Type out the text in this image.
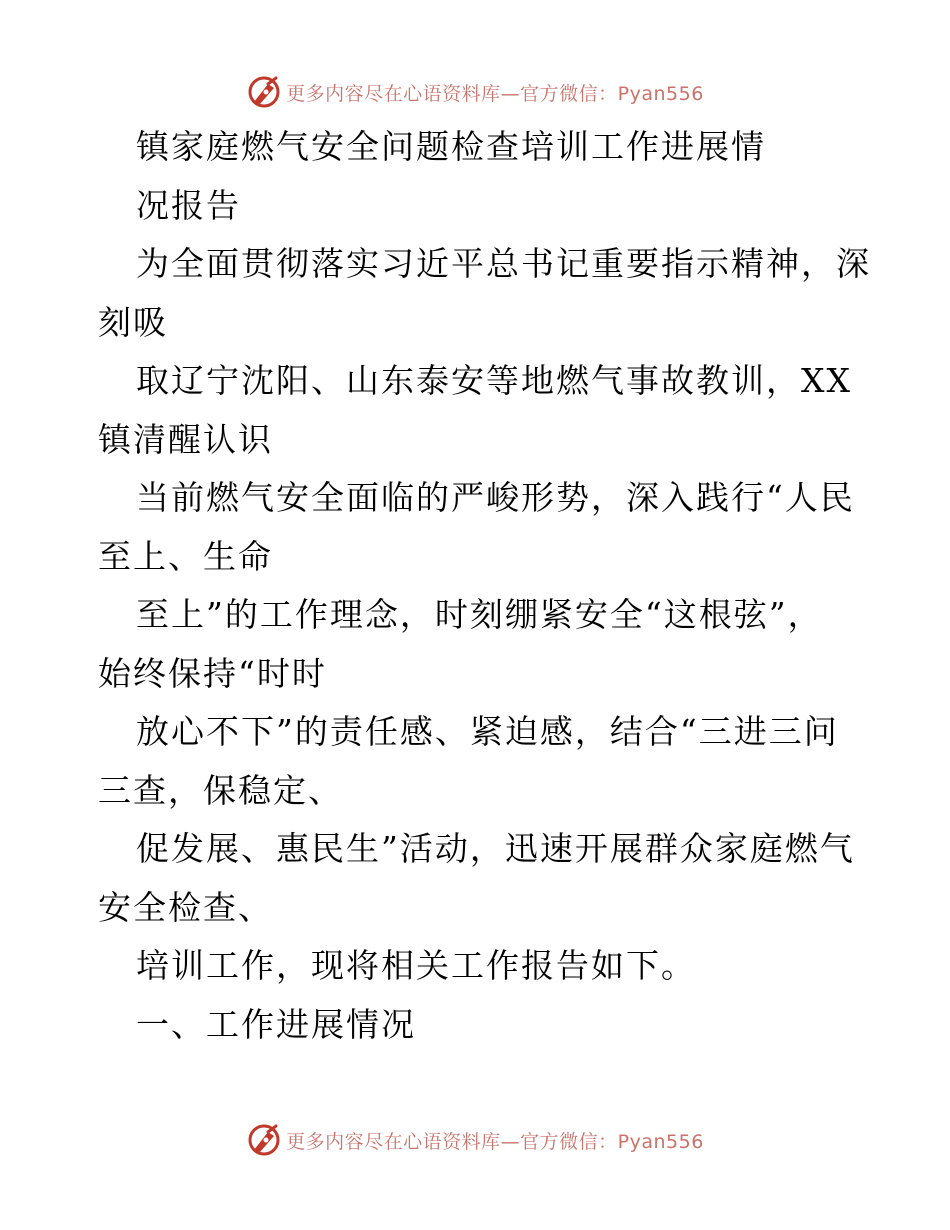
更多内容尽在心语资料库—官方微信：Pyan556
镇家庭燃气安全问题检查培训工作进展情
况报告
为全面贯彻落实习近平总书记重要指示精神，深
刻吸
取辽宁沈阳、山东泰安等地燃气事故教训，XX
镇清醒认识
当前燃气安全面临的严峻形势，深入践行“人民
至上、生命
至上”的工作理念，时刻绷紧安全“这根弦”，
始终保持“时时
放心不下”的责任感、紧迫感，结合“三进三问
三查，保稳定、
促发展、惠民生”活动，迅速开展群众家庭燃气
安全检查、
培训工作，现将相关工作报告如下。
一、工作进展情况
更多内容尽在心语资料库—官方微信：Pyan556
